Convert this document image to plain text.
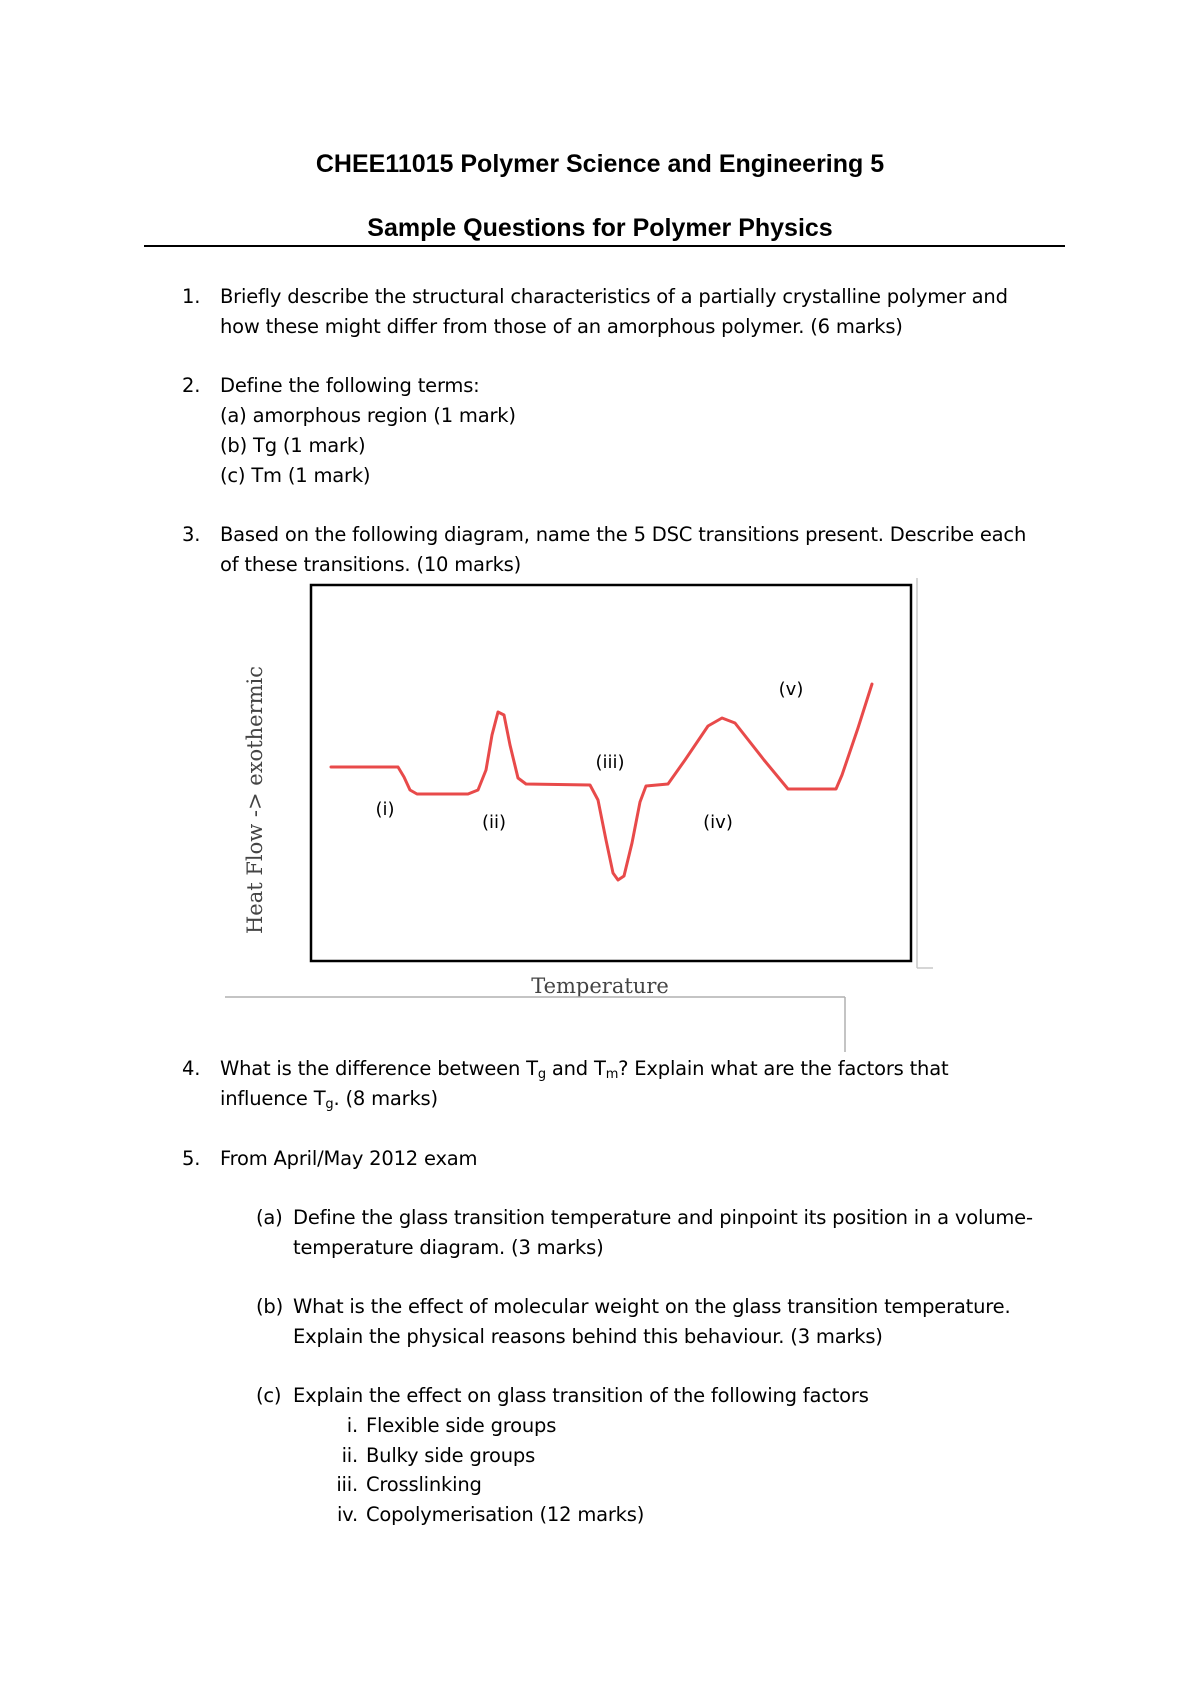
CHEE11015 Polymer Science and Engineering 5
Sample Questions for Polymer Physics
1. Briefly describe the structural characteristics of a partially crystalline polymer and
how these might differ from those of an amorphous polymer. (6 marks)
2. Define the following terms:
(a) amorphous region (1 mark)
(b) Tg (1 mark)
(c) Tm (1 mark)
3. Based on the following diagram, name the 5 DSC transitions present. Describe each
of these transitions. (10 marks)
(i)
(ii)
(iii)
(iv)
(v)
Heat Flow -> exothermic
Temperature
4. What is the difference between $T_g$ and $T_m$? Explain what are the factors that
influence $T_g$. (8 marks)
5. From April/May 2012 exam
(a) Define the glass transition temperature and pinpoint its position in a volume-
temperature diagram. (3 marks)
(b) What is the effect of molecular weight on the glass transition temperature.
Explain the physical reasons behind this behaviour. (3 marks)
(c) Explain the effect on glass transition of the following factors
i. Flexible side groups
ii. Bulky side groups
iii. Crosslinking
iv. Copolymerisation (12 marks)
